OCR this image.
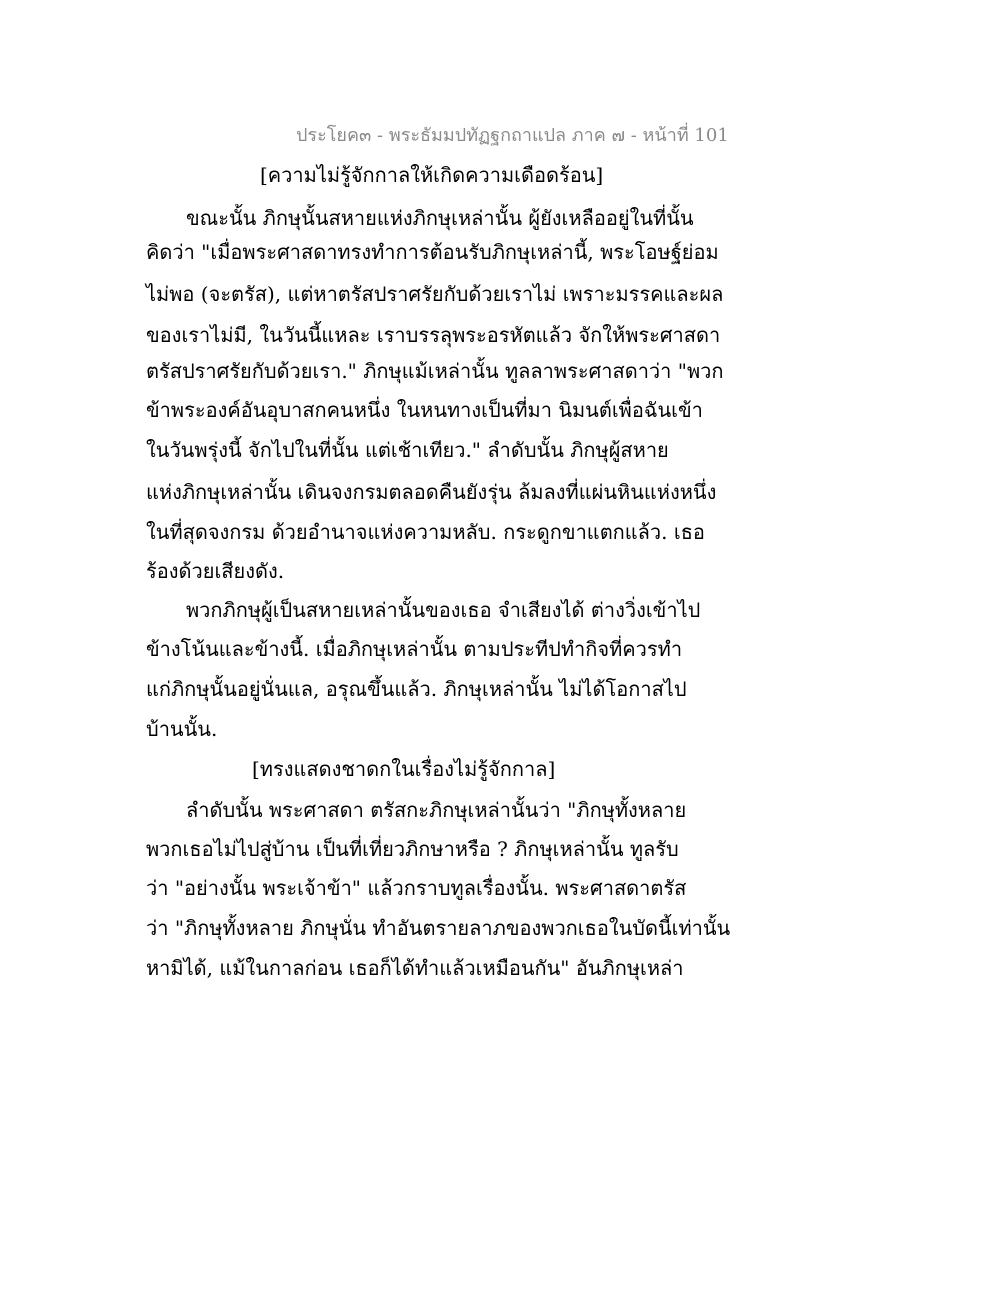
ประโยค๓ - พระธัมมปทัฏฐกถาแปล ภาค ๗ - หน้าที่ 101
[ความไม่รู้จักกาลให้เกิดความเดือดร้อน]
ขณะนั้น ภิกษุนั้นสหายแห่งภิกษุเหล่านั้น ผู้ยังเหลืออยู่ในที่นั้น
คิดว่า "เมื่อพระศาสดาทรงทำการต้อนรับภิกษุเหล่านี้, พระโอษฐ์ย่อม
ไม่พอ (จะตรัส), แต่หาตรัสปราศรัยกับด้วยเราไม่ เพราะมรรคและผล
ของเราไม่มี, ในวันนี้แหละ เราบรรลุพระอรหัตแล้ว จักให้พระศาสดา
ตรัสปราศรัยกับด้วยเรา." ภิกษุแม้เหล่านั้น ทูลลาพระศาสดาว่า "พวก
ข้าพระองค์อันอุบาสกคนหนึ่ง ในหนทางเป็นที่มา นิมนต์เพื่อฉันเข้า
ในวันพรุ่งนี้ จักไปในที่นั้น แต่เช้าเทียว." ลำดับนั้น ภิกษุผู้สหาย
แห่งภิกษุเหล่านั้น เดินจงกรมตลอดคืนยังรุ่น ล้มลงที่แผ่นหินแห่งหนึ่ง
ในที่สุดจงกรม ด้วยอำนาจแห่งความหลับ. กระดูกขาแตกแล้ว. เธอ
ร้องด้วยเสียงดัง.
พวกภิกษุผู้เป็นสหายเหล่านั้นของเธอ จำเสียงได้ ต่างวิ่งเข้าไป
ข้างโน้นและข้างนี้. เมื่อภิกษุเหล่านั้น ตามประทีปทำกิจที่ควรทำ
แก่ภิกษุนั้นอยู่นั่นแล, อรุณขึ้นแล้ว. ภิกษุเหล่านั้น ไม่ได้โอกาสไป
บ้านนั้น.
[ทรงแสดงชาดกในเรื่องไม่รู้จักกาล]
ลำดับนั้น พระศาสดา ตรัสกะภิกษุเหล่านั้นว่า "ภิกษุทั้งหลาย
พวกเธอไม่ไปสู่บ้าน เป็นที่เที่ยวภิกษาหรือ ? ภิกษุเหล่านั้น ทูลรับ
ว่า "อย่างนั้น พระเจ้าข้า" แล้วกราบทูลเรื่องนั้น. พระศาสดาตรัส
ว่า "ภิกษุทั้งหลาย ภิกษุนั่น ทำอันตรายลาภของพวกเธอในบัดนี้เท่านั้น
หามิได้, แม้ในกาลก่อน เธอก็ได้ทำแล้วเหมือนกัน" อันภิกษุเหล่า
